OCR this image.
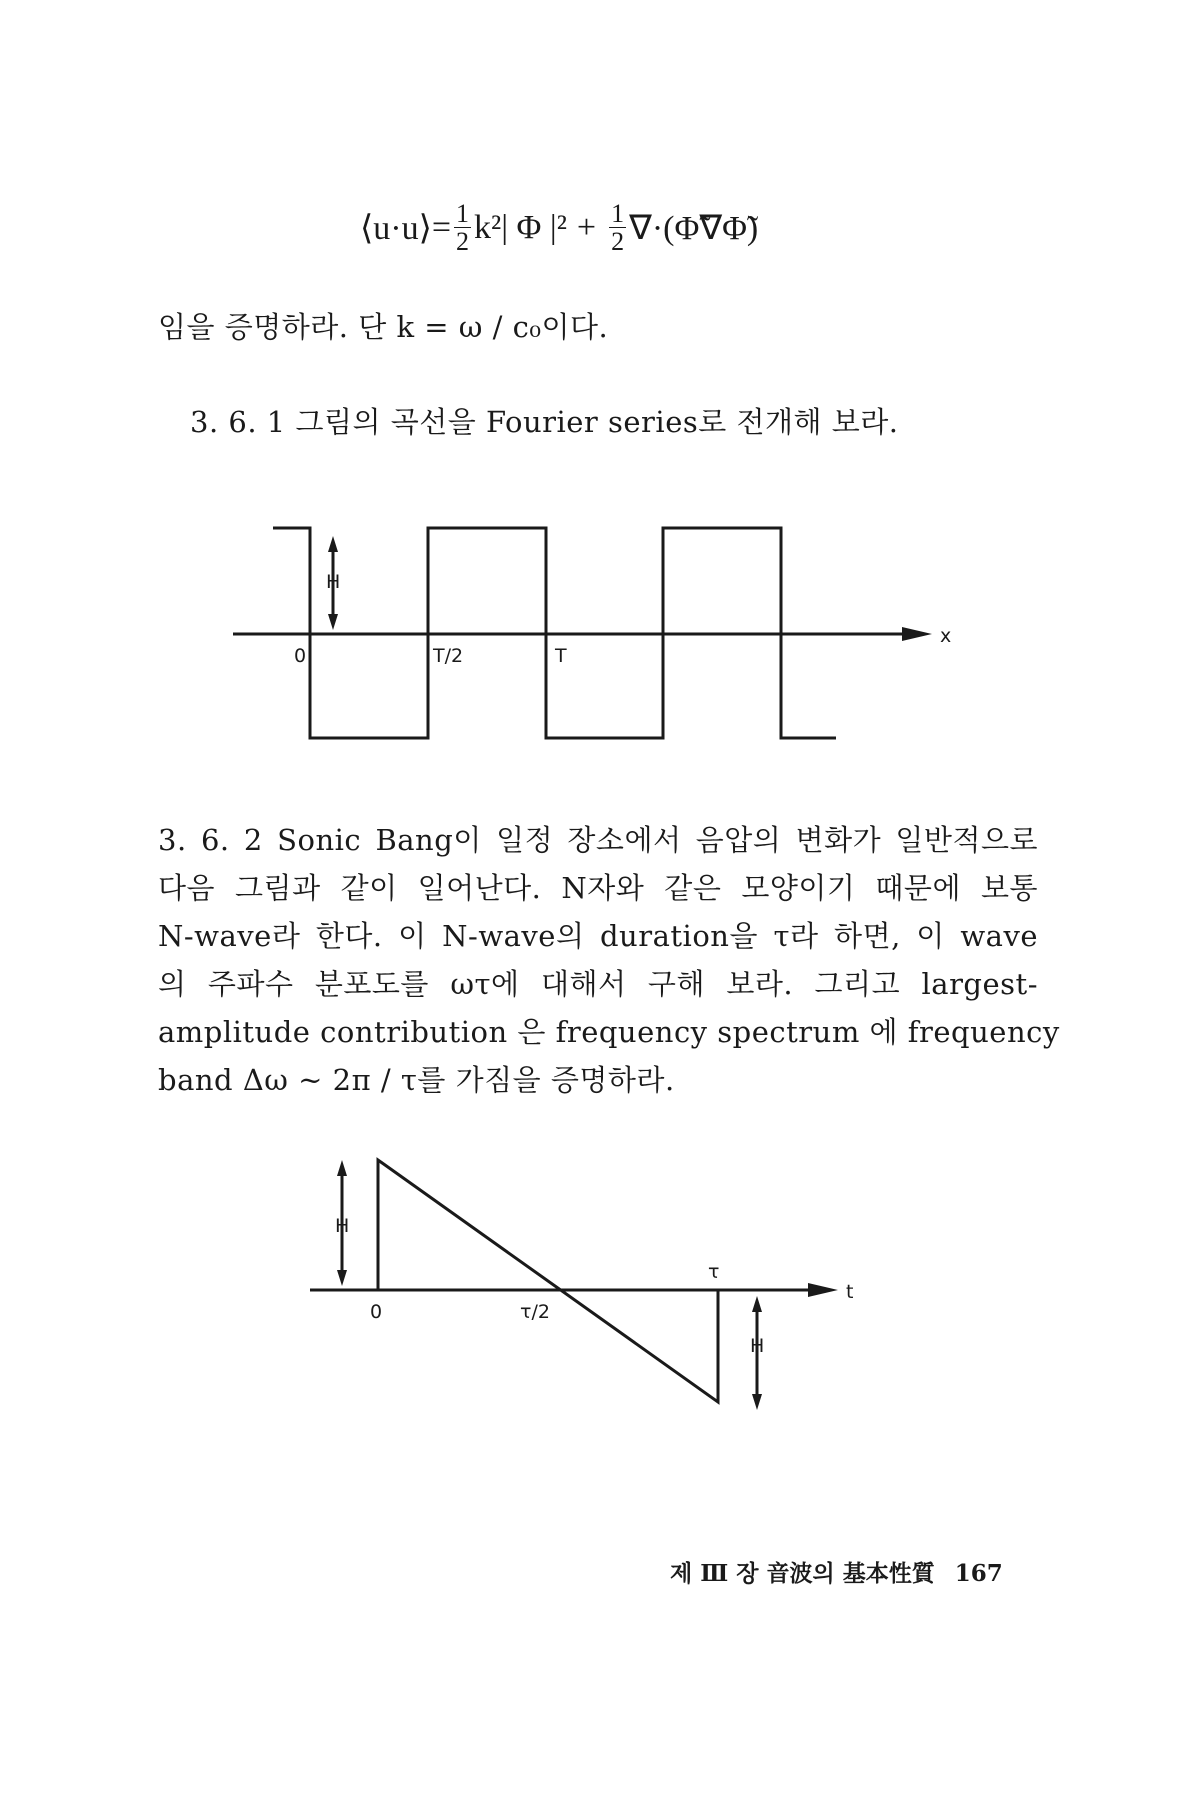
⟨u·u⟩ = $\frac{1}{2} k^2|$ Φ $|^2 + \frac{1}{2}$ ∇·(Φ̃∇Φ̃)
임을 증명하라. 단 k = ω / c₀이다.
3. 6. 1 그림의 곡선을 Fourier series로 전개해 보라.
H
0	T/2	T
x
3. 6. 2 Sonic Bang이 일정 장소에서 음압의 변화가 일반적으로
다음 그림과 같이 일어난다. N자와 같은 모양이기 때문에 보통
N-wave라 한다. 이 N-wave의 duration을 τ라 하면, 이 wave
의 주파수 분포도를 ωτ에 대해서 구해 보라. 그리고 largest-
amplitude contribution 은 frequency spectrum 에 frequency
band Δω ~ 2π / τ를 가짐을 증명하라.
H
H
0	τ/2
τ
t
제 Ⅲ 장 音波의 基本性質 167
